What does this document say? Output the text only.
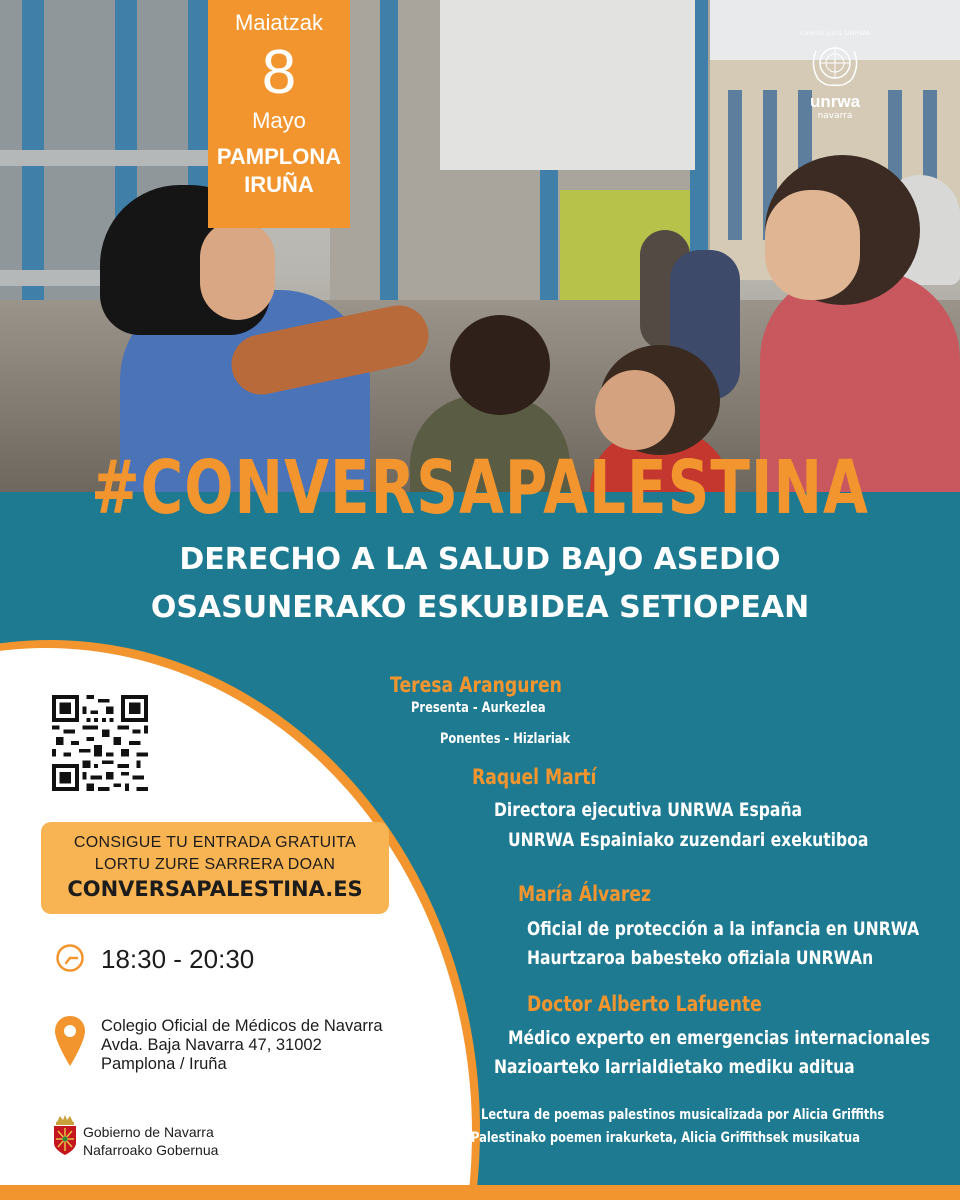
Maiatzak
8
Mayo
PAMPLONA
IRUÑA
Comité para UNRWA
unrwa
navarra
#CONVERSAPALESTINA
DERECHO A LA SALUD BAJO ASEDIO
OSASUNERAKO ESKUBIDEA SETIOPEAN
CONSIGUE TU ENTRADA GRATUITA
LORTU ZURE SARRERA DOAN
CONVERSAPALESTINA.ES
18:30 - 20:30
Colegio Oficial de Médicos de Navarra
Avda. Baja Navarra 47, 31002
Pamplona / Iruña
Gobierno de Navarra
Nafarroako Gobernua
Teresa Aranguren
Presenta - Aurkezlea
Ponentes - Hizlariak
Raquel Martí
Directora ejecutiva UNRWA España
UNRWA Espainiako zuzendari exekutiboa
María Álvarez
Oficial de protección a la infancia en UNRWA
Haurtzaroa babesteko ofiziala UNRWAn
Doctor Alberto Lafuente
Médico experto en emergencias internacionales
Nazioarteko larrialdietako mediku aditua
Lectura de poemas palestinos musicalizada por Alicia Griffiths
Palestinako poemen irakurketa, Alicia Griffithsek musikatua
